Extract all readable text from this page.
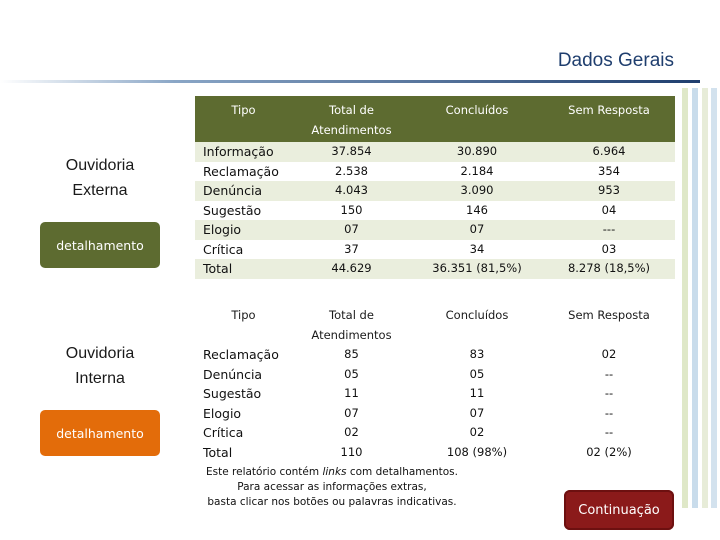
Dados Gerais
Ouvidoria
Externa
detalhamento
Tipo	Total de Atendimentos	Concluídos	Sem Resposta
Informação	37.854	30.890	6.964
Reclamação	2.538	2.184	354
Denúncia	4.043	3.090	953
Sugestão	150	146	04
Elogio	07	07	---
Crítica	37	34	03
Total	44.629	36.351 (81,5%)	8.278 (18,5%)
Ouvidoria
Interna
detalhamento
Tipo	Total de Atendimentos	Concluídos	Sem Resposta
Reclamação	85	83	02
Denúncia	05	05	--
Sugestão	11	11	--
Elogio	07	07	--
Crítica	02	02	--
Total	110	108 (98%)	02 (2%)
Este relatório contém links com detalhamentos.
Para acessar as informações extras,
basta clicar nos botões ou palavras indicativas.
Continuação
